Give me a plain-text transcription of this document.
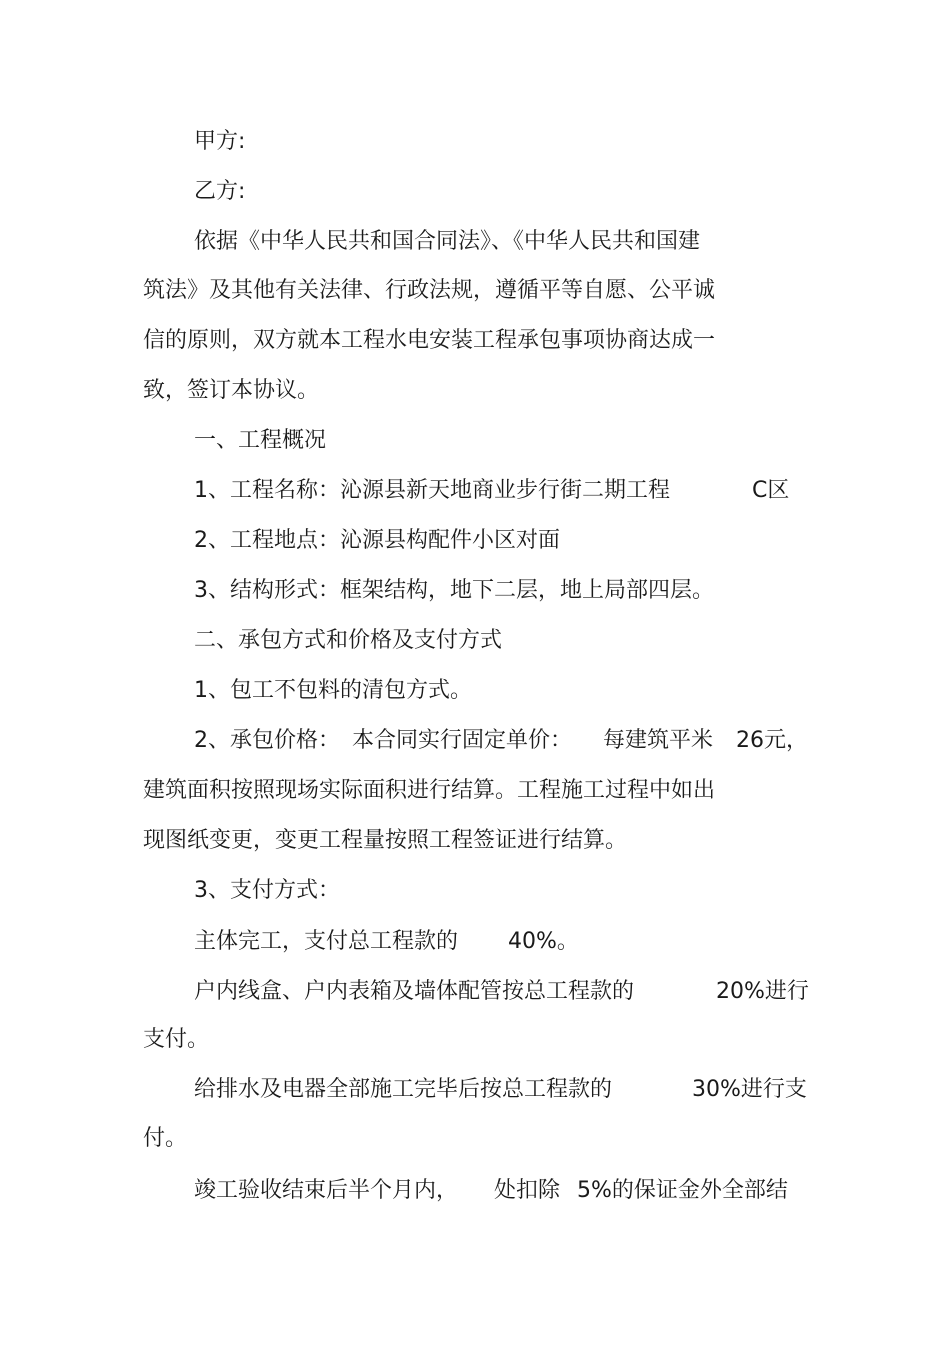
甲方:
乙方:
依据《中华人民共和国合同法》、《中华人民共和国建
筑法》及其他有关法律、行政法规，遵循平等自愿、公平诚
信的原则，双方就本工程水电安装工程承包事项协商达成一
致，签订本协议。
一、工程概况
1、工程名称：沁源县新天地商业步行街二期工程	C区
2、工程地点：沁源县构配件小区对面
3、结构形式：框架结构，地下二层，地上局部四层。
二、承包方式和价格及支付方式
1、包工不包料的清包方式。
2、承包价格： 本合同实行固定单价： 每建筑平米 26元，
建筑面积按照现场实际面积进行结算。工程施工过程中如出
现图纸变更，变更工程量按照工程签证进行结算。
3、支付方式：
主体完工，支付总工程款的 40%。
户内线盒、户内表箱及墙体配管按总工程款的	20%进行
支付。
给排水及电器全部施工完毕后按总工程款的	30%进行支
付。
竣工验收结束后半个月内， 处扣除 5%的保证金外全部结
